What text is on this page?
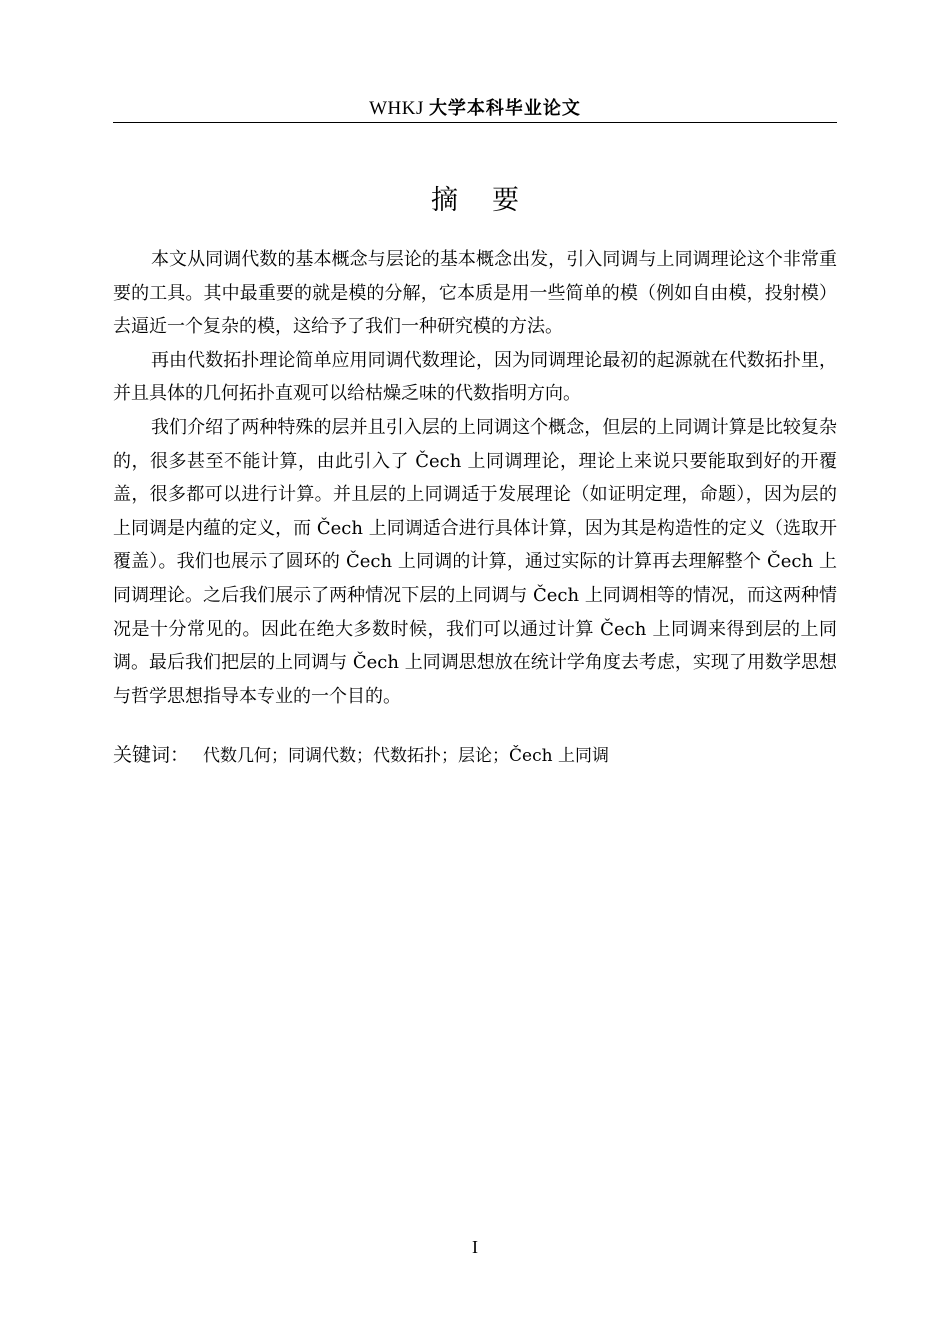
WHKJ 大学本科毕业论文
摘要

本文从同调代数的基本概念与层论的基本概念出发，引入同调与上同调理论这个非常重要的工具。其中最重要的就是模的分解，它本质是用一些简单的模（例如自由模，投射模）去逼近一个复杂的模，这给予了我们一种研究模的方法。

再由代数拓扑理论简单应用同调代数理论，因为同调理论最初的起源就在代数拓扑里，并且具体的几何拓扑直观可以给枯燥乏味的代数指明方向。

我们介绍了两种特殊的层并且引入层的上同调这个概念，但层的上同调计算是比较复杂的，很多甚至不能计算，由此引入了 Čech 上同调理论，理论上来说只要能取到好的开覆盖，很多都可以进行计算。并且层的上同调适于发展理论（如证明定理，命题），因为层的上同调是内蕴的定义，而 Čech 上同调适合进行具体计算，因为其是构造性的定义（选取开覆盖）。我们也展示了圆环的 Čech 上同调的计算，通过实际的计算再去理解整个 Čech 上同调理论。之后我们展示了两种情况下层的上同调与 Čech 上同调相等的情况，而这两种情况是十分常见的。因此在绝大多数时候，我们可以通过计算 Čech 上同调来得到层的上同调。最后我们把层的上同调与 Čech 上同调思想放在统计学角度去考虑，实现了用数学思想与哲学思想指导本专业的一个目的。

关键词： 代数几何；同调代数；代数拓扑；层论；Čech 上同调
I
